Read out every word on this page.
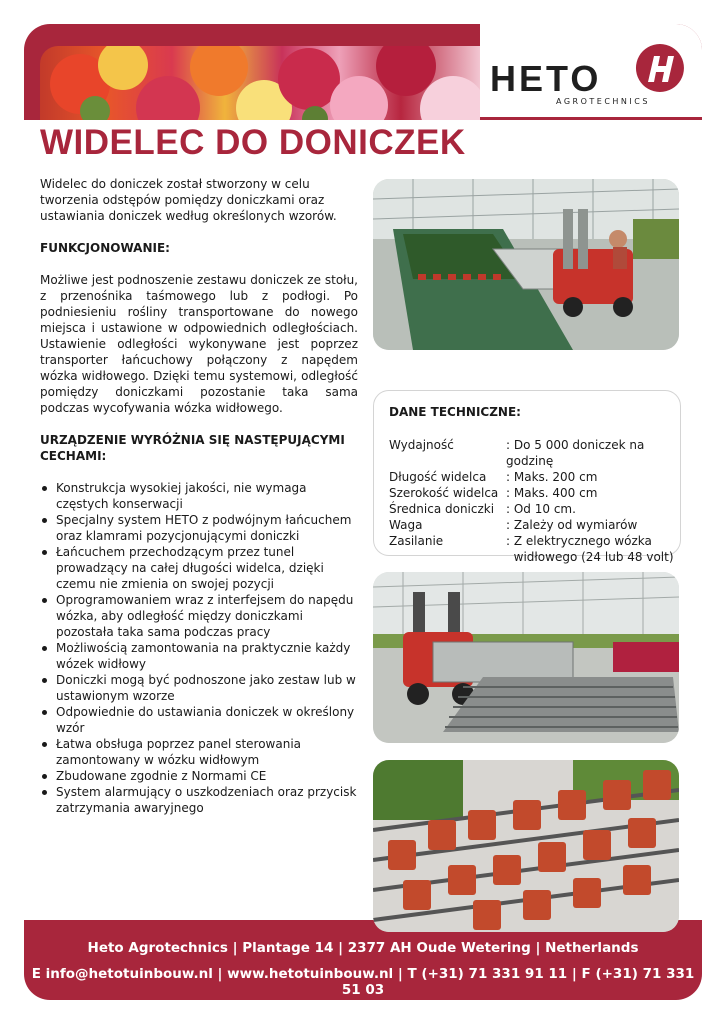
HETO
AGROTECHNICS
WIDELEC DO DONICZEK

Widelec do doniczek został stworzony w celu tworzenia odstępów pomiędzy doniczkami oraz ustawiania doniczek według określonych wzorów.

FUNKCJONOWANIE:

Możliwe jest podnoszenie zestawu doniczek ze stołu, z przenośnika taśmowego lub z podłogi. Po podniesieniu rośliny transportowane do nowego miejsca i ustawione w odpowiednich odległościach. Ustawienie odległości wykonywane jest poprzez transporter łańcuchowy połączony z napędem wózka widłowego. Dzięki temu systemowi, odległość pomiędzy doniczkami pozostanie taka sama podczas wycofywania wózka widłowego.

URZĄDZENIE WYRÓŻNIA SIĘ NASTĘPUJĄCYMI CECHAMI:
Konstrukcja wysokiej jakości, nie wymaga częstych konserwacji
Specjalny system HETO z podwójnym łańcuchem oraz klamrami pozycjonującymi doniczki
Łańcuchem przechodzącym przez tunel prowadzący na całej długości widelca, dzięki czemu nie zmienia on swojej pozycji
Oprogramowaniem wraz z interfejsem do napędu wózka, aby odległość między doniczkami pozostała taka sama podczas pracy
Możliwością zamontowania na praktycznie każdy wózek widłowy
Doniczki mogą być podnoszone jako zestaw lub w ustawionym wzorze
Odpowiednie do ustawiania doniczek w określony wzór
Łatwa obsługa poprzez panel sterowania zamontowany w wózku widłowym
Zbudowane zgodnie z Normami CE
System alarmujący o uszkodzeniach oraz przycisk zatrzymania awaryjnego
DANE TECHNICZNE:
Wydajność	: Do 5 000 doniczek na godzinę
Długość widelca	: Maks. 200 cm
Szerokość widelca : Maks. 400 cm
Średnica doniczki : Od 10 cm.
Waga	: Zależy od wymiarów
Zasilanie	: Z elektrycznego wózka
widłowego (24 lub 48 volt)
Heto Agrotechnics | Plantage 14 | 2377 AH Oude Wetering | Netherlands
E info@hetotuinbouw.nl | www.hetotuinbouw.nl | T (+31) 71 331 91 11 | F (+31) 71 331 51 03
